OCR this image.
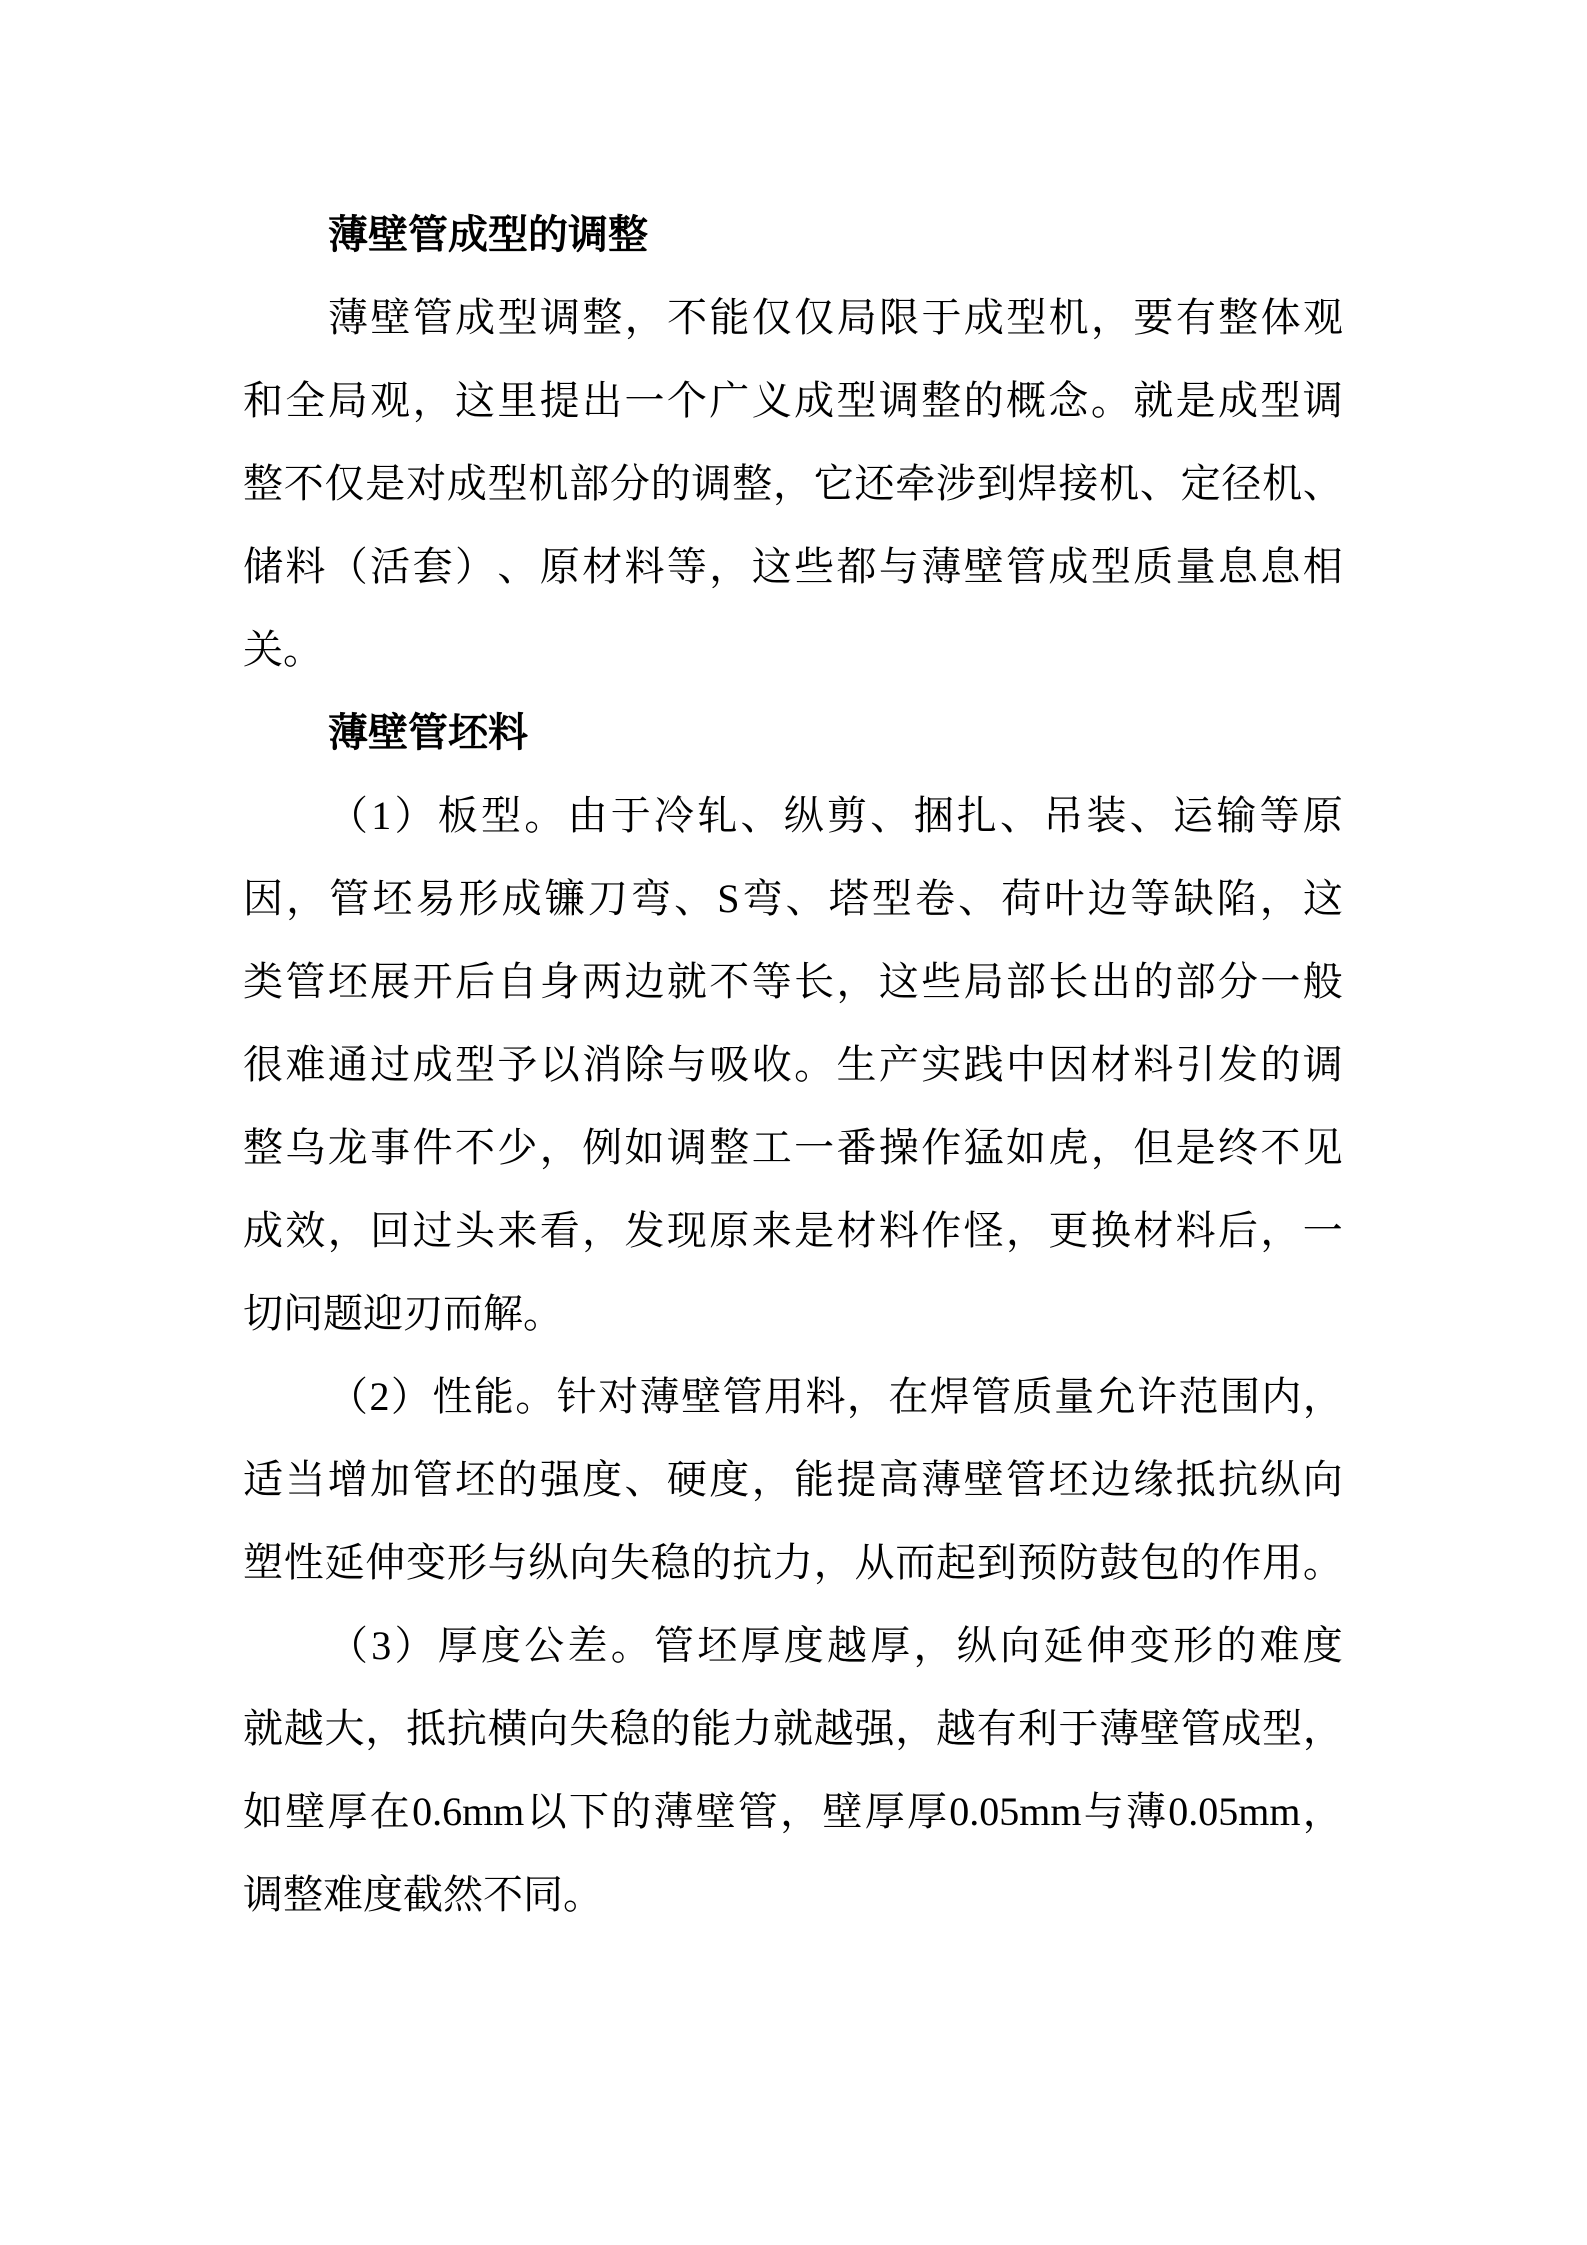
薄壁管成型的调整
薄 壁 管 成 型 调 整 ， 不 能 仅 仅 局 限 于 成 型 机 ， 要 有 整 体 观
和 全 局 观 ， 这 里 提 出 一 个 广 义 成 型 调 整 的 概 念 。 就 是 成 型 调
整 不 仅 是 对 成 型 机 部 分 的 调 整 ， 它 还 牵 涉 到 焊 接 机 、 定 径 机 、
储 料 （ 活 套 ） 、 原 材 料 等 ， 这 些 都 与 薄 壁 管 成 型 质 量 息 息 相
关。
薄壁管坯料
（ 1 ） 板 型 。 由 于 冷 轧 、 纵 剪 、 捆 扎 、 吊 装 、 运 输 等 原
因 ， 管 坯 易 形 成 镰 刀 弯 、 S 弯 、 塔 型 卷 、 荷 叶 边 等 缺 陷 ， 这
类 管 坯 展 开 后 自 身 两 边 就 不 等 长 ， 这 些 局 部 长 出 的 部 分 一 般
很 难 通 过 成 型 予 以 消 除 与 吸 收 。 生 产 实 践 中 因 材 料 引 发 的 调
整 乌 龙 事 件 不 少 ， 例 如 调 整 工 一 番 操 作 猛 如 虎 ， 但 是 终 不 见
成 效 ， 回 过 头 来 看 ， 发 现 原 来 是 材 料 作 怪 ， 更 换 材 料 后 ， 一
切问题迎刃而解。
（ 2 ） 性 能 。 针 对 薄 壁 管 用 料 ， 在 焊 管 质 量 允 许 范 围 内 ，
适 当 增 加 管 坯 的 强 度 、 硬 度 ， 能 提 高 薄 壁 管 坯 边 缘 抵 抗 纵 向
塑 性 延 伸 变 形 与 纵 向 失 稳 的 抗 力 ， 从 而 起 到 预 防 鼓 包 的 作 用 。
（ 3 ） 厚 度 公 差 。 管 坯 厚 度 越 厚 ， 纵 向 延 伸 变 形 的 难 度
就 越 大 ， 抵 抗 横 向 失 稳 的 能 力 就 越 强 ， 越 有 利 于 薄 壁 管 成 型 ，
如 壁 厚 在 0.6mm 以 下 的 薄 壁 管 ， 壁 厚 厚 0.05mm 与 薄 0.05mm ，
调整难度截然不同。
